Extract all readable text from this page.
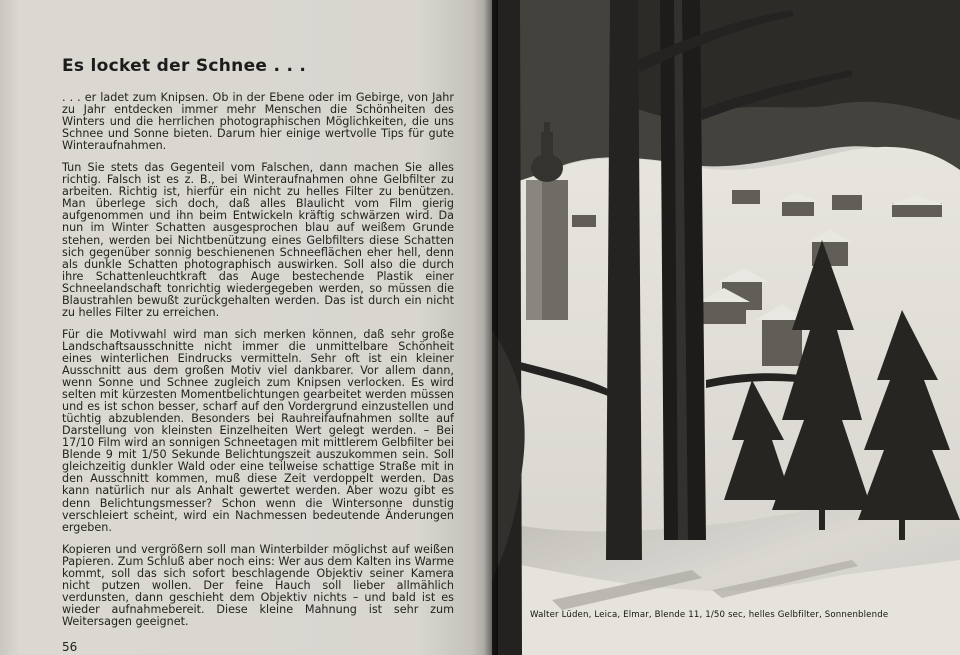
Es locket der Schnee . . .

. . . er ladet zum Knipsen. Ob in der Ebene oder im Gebirge, von Jahr zu Jahr entdecken immer mehr Menschen die Schönheiten des Winters und die herrlichen photographischen Möglichkeiten, die uns Schnee und Sonne bieten. Darum hier einige wertvolle Tips für gute Winteraufnahmen.

Tun Sie stets das Gegenteil vom Falschen, dann machen Sie alles richtig. Falsch ist es z. B., bei Winteraufnahmen ohne Gelbfilter zu arbeiten. Richtig ist, hierfür ein nicht zu helles Filter zu benützen. Man überlege sich doch, daß alles Blaulicht vom Film gierig aufgenommen und ihn beim Entwickeln kräftig schwärzen wird. Da nun im Winter Schatten ausgesprochen blau auf weißem Grunde stehen, werden bei Nichtbenützung eines Gelbfilters diese Schatten sich gegenüber sonnig beschienenen Schneeflächen eher hell, denn als dunkle Schatten photographisch auswirken. Soll also die durch ihre Schattenleuchtkraft das Auge bestechende Plastik einer Schneelandschaft tonrichtig wiedergegeben werden, so müssen die Blaustrahlen bewußt zurückgehalten werden. Das ist durch ein nicht zu helles Filter zu erreichen.

Für die Motivwahl wird man sich merken können, daß sehr große Landschaftsausschnitte nicht immer die unmittelbare Schönheit eines winterlichen Eindrucks vermitteln. Sehr oft ist ein kleiner Ausschnitt aus dem großen Motiv viel dankbarer. Vor allem dann, wenn Sonne und Schnee zugleich zum Knipsen verlocken. Es wird selten mit kürzesten Momentbelichtungen gearbeitet werden müssen und es ist schon besser, scharf auf den Vordergrund einzustellen und tüchtig abzublenden. Besonders bei Rauhreifaufnahmen sollte auf Darstellung von kleinsten Einzelheiten Wert gelegt werden. – Bei 17/10 Film wird an sonnigen Schneetagen mit mittlerem Gelbfilter bei Blende 9 mit 1/50 Sekunde Belichtungszeit auszukommen sein. Soll gleichzeitig dunkler Wald oder eine teilweise schattige Straße mit in den Ausschnitt kommen, muß diese Zeit verdoppelt werden. Das kann natürlich nur als Anhalt gewertet werden. Aber wozu gibt es denn Belichtungsmesser? Schon wenn die Wintersonne dunstig verschleiert scheint, wird ein Nachmessen bedeutende Änderungen ergeben.

Kopieren und vergrößern soll man Winterbilder möglichst auf weißen Papieren. Zum Schluß aber noch eins: Wer aus dem Kalten ins Warme kommt, soll das sich sofort beschlagende Objektiv seiner Kamera nicht putzen wollen. Der feine Hauch soll lieber allmählich verdunsten, dann geschieht dem Objektiv nichts – und bald ist es wieder aufnahmebereit. Diese kleine Mahnung ist sehr zum Weitersagen geeignet.

56
Walter Lüden, Leica, Elmar, Blende 11, 1/50 sec, helles Gelbfilter, Sonnenblende
